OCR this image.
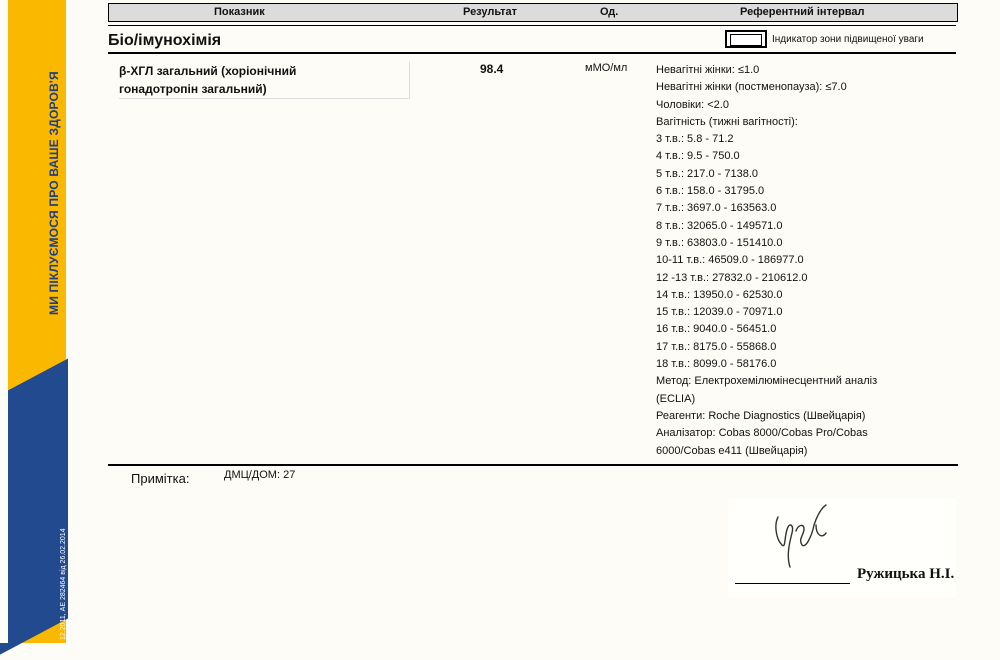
МИ ПІКЛУЄМОСЯ ПРО ВАШЕ ЗДОРОВ'Я
12.2011, АЕ 282464 від 26.02.2014
Показник	Результат	Од.	Референтний інтервал
Біо/імунохімія	Індикатор зони підвищеної уваги
β-ХГЛ загальний (хоріонічний
гонадотропін загальний)
98.4	мМО/мл	Невагітні жінки: ≤1.0
Невагітні жінки (постменопауза): ≤7.0
Чоловіки: <2.0
Вагітність (тижні вагітності):
3 т.в.: 5.8 - 71.2
4 т.в.: 9.5 - 750.0
5 т.в.: 217.0 - 7138.0
6 т.в.: 158.0 - 31795.0
7 т.в.: 3697.0 - 163563.0
8 т.в.: 32065.0 - 149571.0
9 т.в.: 63803.0 - 151410.0
10-11 т.в.: 46509.0 - 186977.0
12 -13 т.в.: 27832.0 - 210612.0
14 т.в.: 13950.0 - 62530.0
15 т.в.: 12039.0 - 70971.0
16 т.в.: 9040.0 - 56451.0
17 т.в.: 8175.0 - 55868.0
18 т.в.: 8099.0 - 58176.0
Метод: Електрохемілюмінесцентний аналіз
(ECLIA)
Реагенти: Roche Diagnostics (Швейцарія)
Аналізатор: Cobas 8000/Cobas Pro/Cobas
6000/Cobas e411 (Швейцарія)
Примітка:	ДМЦ/ДОМ: 27
Ружицька Н.І.
